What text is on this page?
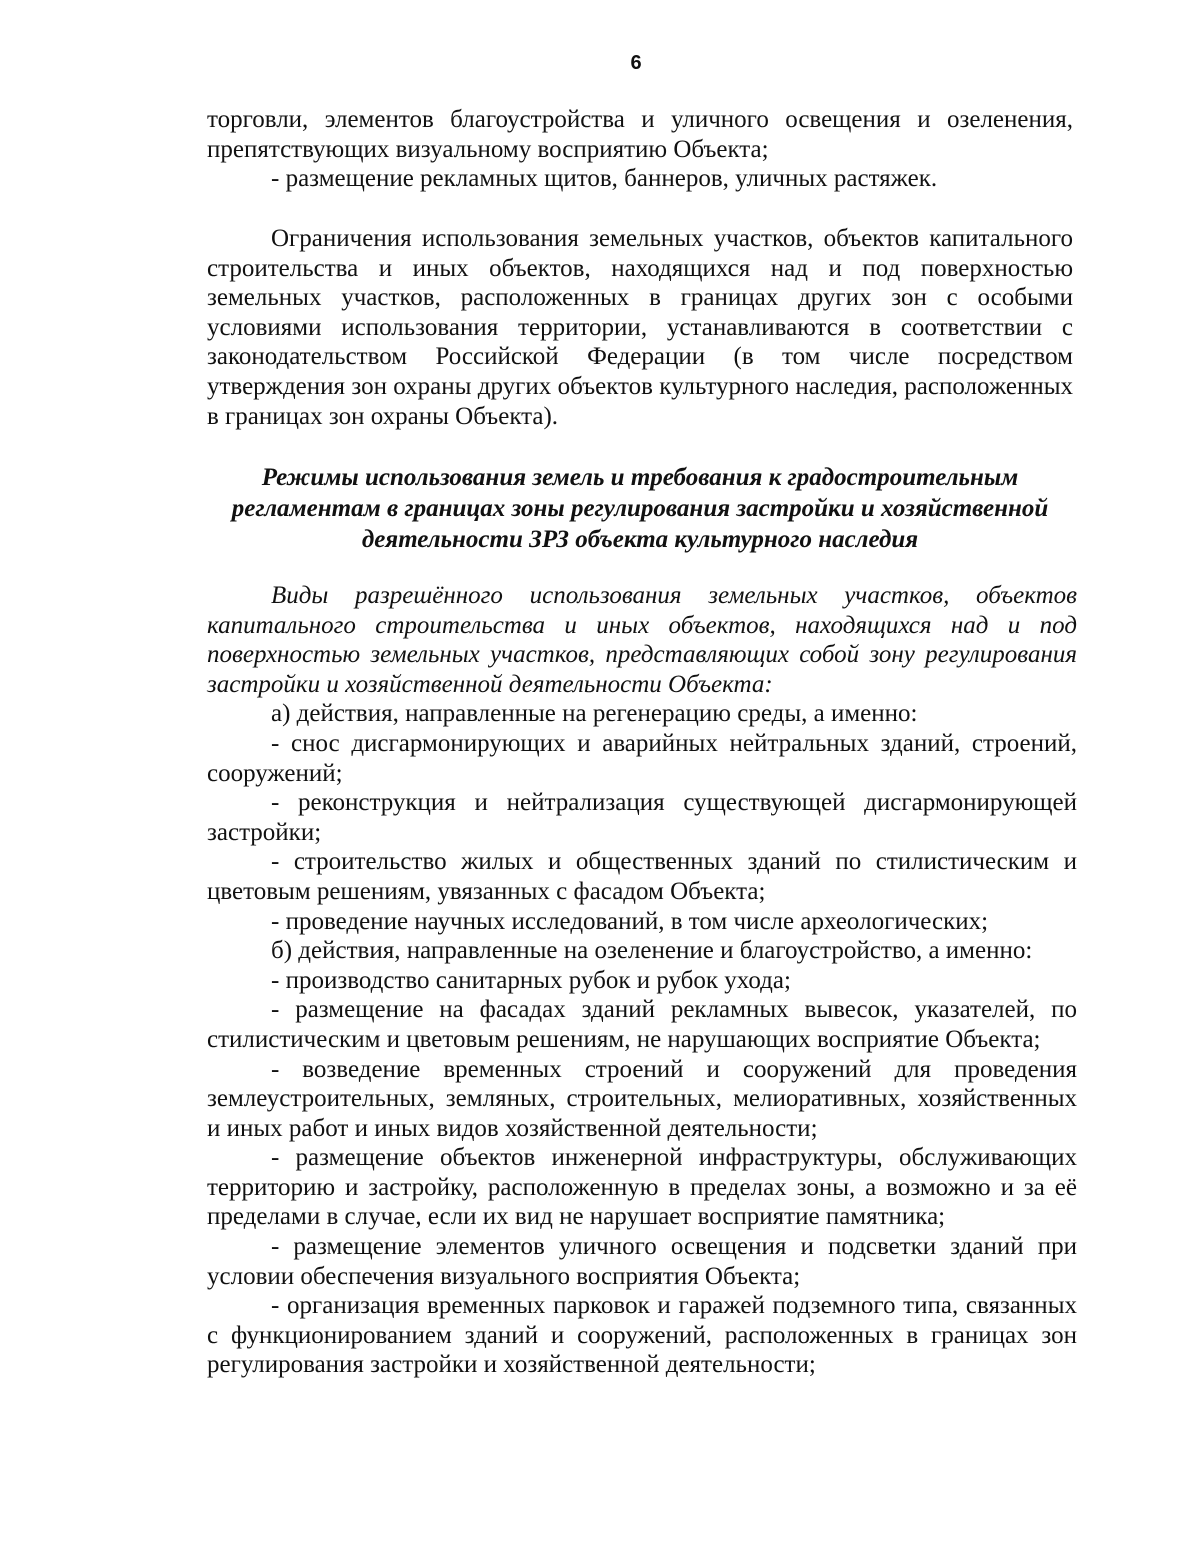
6

торговли, элементов благоустройства и уличного освещения и озеленения, препятствующих визуальному восприятию Объекта;

- размещение рекламных щитов, баннеров, уличных растяжек.

Ограничения использования земельных участков, объектов капитального строительства и иных объектов, находящихся над и под поверхностью земельных участков, расположенных в границах других зон с особыми условиями использования территории, устанавливаются в соответствии с законодательством Российской Федерации (в том числе посредством утверждения зон охраны других объектов культурного наследия, расположенных в границах зон охраны Объекта).

Режимы использования земель и требования к градостроительным
регламентам в границах зоны регулирования застройки и хозяйственной
деятельности ЗРЗ объекта культурного наследия

Виды разрешённого использования земельных участков, объектов капитального строительства и иных объектов, находящихся над и под поверхностью земельных участков, представляющих собой зону регулирования застройки и хозяйственной деятельности Объекта:

а) действия, направленные на регенерацию среды, а именно:

- снос дисгармонирующих и аварийных нейтральных зданий, строений, сооружений;

- реконструкция и нейтрализация существующей дисгармонирующей застройки;

- строительство жилых и общественных зданий по стилистическим и цветовым решениям, увязанных с фасадом Объекта;

- проведение научных исследований, в том числе археологических;

б) действия, направленные на озеленение и благоустройство, а именно:

- производство санитарных рубок и рубок ухода;

- размещение на фасадах зданий рекламных вывесок, указателей, по стилистическим и цветовым решениям, не нарушающих восприятие Объекта;

- возведение временных строений и сооружений для проведения землеустроительных, земляных, строительных, мелиоративных, хозяйственных и иных работ и иных видов хозяйственной деятельности;

- размещение объектов инженерной инфраструктуры, обслуживающих территорию и застройку, расположенную в пределах зоны, а возможно и за её пределами в случае, если их вид не нарушает восприятие памятника;

- размещение элементов уличного освещения и подсветки зданий при условии обеспечения визуального восприятия Объекта;

- организация временных парковок и гаражей подземного типа, связанных с функционированием зданий и сооружений, расположенных в границах зон регулирования застройки и хозяйственной деятельности;
